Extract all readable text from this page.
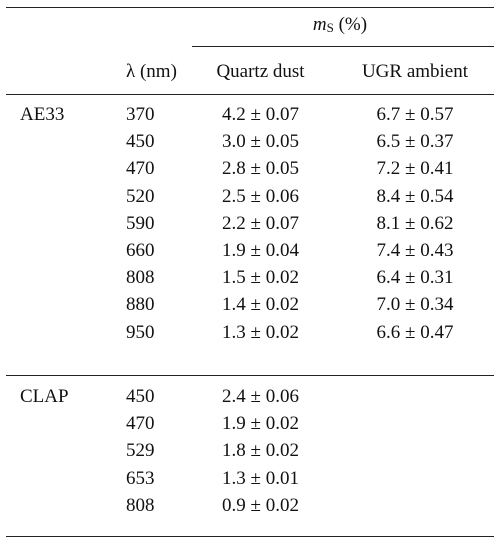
mS (%)
λ (nm)	Quartz dust	UGR ambient
AE33	370	4.2 ± 0.07	6.7 ± 0.57
450	3.0 ± 0.05	6.5 ± 0.37
470	2.8 ± 0.05	7.2 ± 0.41
520	2.5 ± 0.06	8.4 ± 0.54
590	2.2 ± 0.07	8.1 ± 0.62
660	1.9 ± 0.04	7.4 ± 0.43
808	1.5 ± 0.02	6.4 ± 0.31
880	1.4 ± 0.02	7.0 ± 0.34
950	1.3 ± 0.02	6.6 ± 0.47
CLAP	450	2.4 ± 0.06
470	1.9 ± 0.02
529	1.8 ± 0.02
653	1.3 ± 0.01
808	0.9 ± 0.02
